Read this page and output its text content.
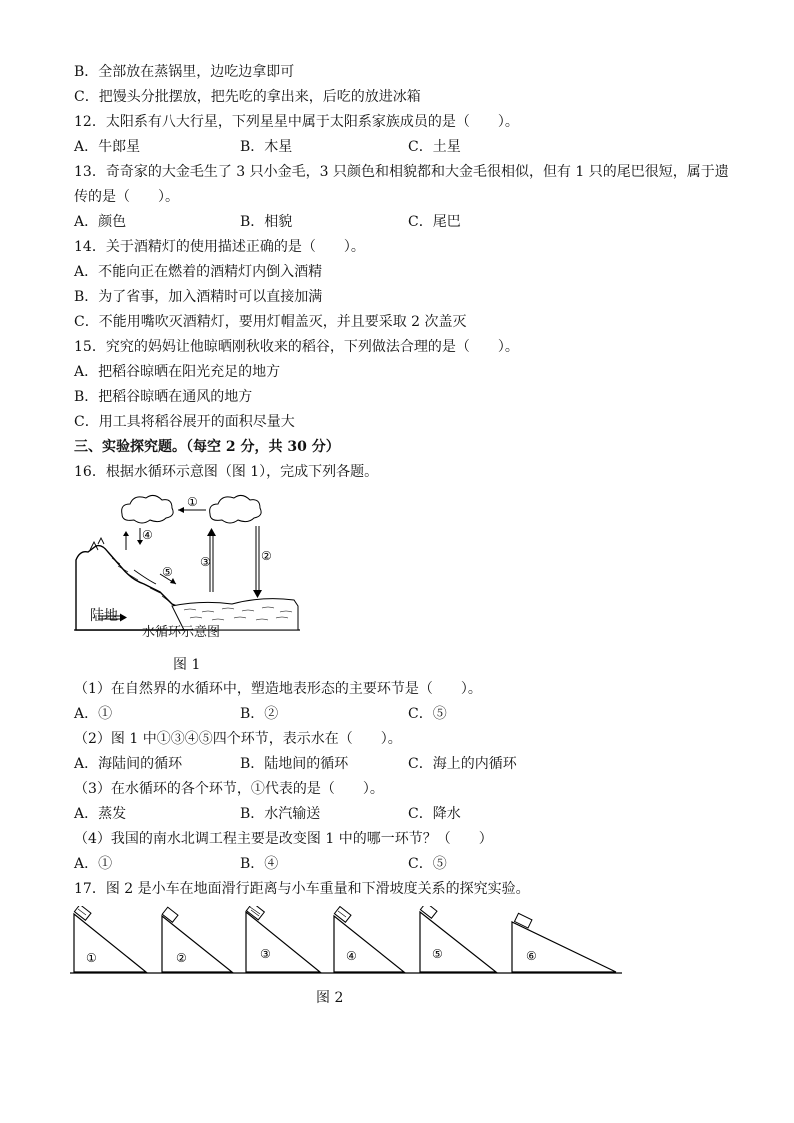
B．全部放在蒸锅里，边吃边拿即可
C．把馒头分批摆放，把先吃的拿出来，后吃的放进冰箱
12．太阳系有八大行星，下列星星中属于太阳系家族成员的是（　　）。
A．牛郎星	B．木星	C．土星
13．奇奇家的大金毛生了 3 只小金毛，3 只颜色和相貌都和大金毛很相似，但有 1 只的尾巴很短，属于遗
传的是（　　）。
A．颜色	B．相貌	C．尾巴
14．关于酒精灯的使用描述正确的是（　　）。
A．不能向正在燃着的酒精灯内倒入酒精
B．为了省事，加入酒精时可以直接加满
C．不能用嘴吹灭酒精灯，要用灯帽盖灭，并且要采取 2 次盖灭
15．究究的妈妈让他晾晒刚秋收来的稻谷，下列做法合理的是（　　）。
A．把稻谷晾晒在阳光充足的地方
B．把稻谷晾晒在通风的地方
C．用工具将稻谷展开的面积尽量大
三、实验探究题。（每空 2 分，共 30 分）
16．根据水循环示意图（图 1），完成下列各题。
①
②
③
④
⑤
陆地
水循环示意图
图 1
（1）在自然界的水循环中，塑造地表形态的主要环节是（　　）。
A．①	B．②	C．⑤
（2）图 1 中①③④⑤四个环节，表示水在（　　）。
A．海陆间的循环	B．陆地间的循环	C．海上的内循环
（3）在水循环的各个环节，①代表的是（　　）。
A．蒸发	B．水汽输送	C．降水
（4）我国的南水北调工程主要是改变图 1 中的哪一环节？（　　）
A．①	B．④	C．⑤
17．图 2 是小车在地面滑行距离与小车重量和下滑坡度关系的探究实验。
①	②	③	④	⑤	⑥
图 2
